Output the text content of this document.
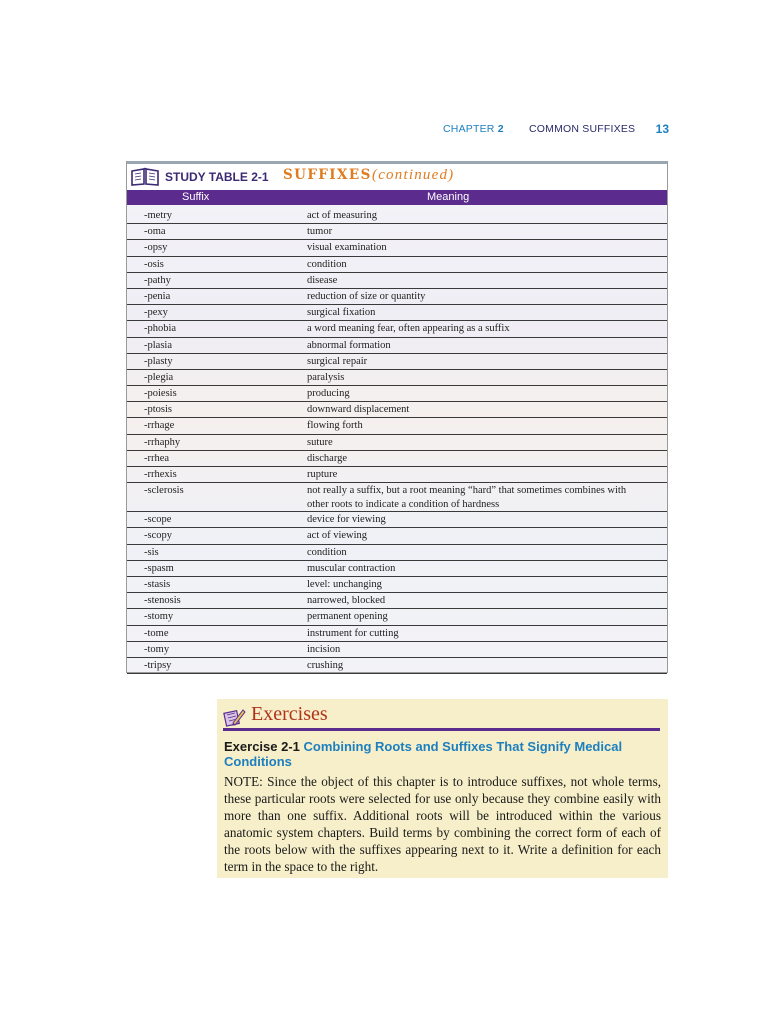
CHAPTER 2 COMMON SUFFIXES 13
STUDY TABLE 2-1 SUFFIXES (continued)
Suffix	Meaning
-metry	act of measuring
-oma	tumor
-opsy	visual examination
-osis	condition
-pathy	disease
-penia	reduction of size or quantity
-pexy	surgical fixation
-phobia	a word meaning fear, often appearing as a suffix
-plasia	abnormal formation
-plasty	surgical repair
-plegia	paralysis
-poiesis	producing
-ptosis	downward displacement
-rrhage	flowing forth
-rrhaphy	suture
-rrhea	discharge
-rrhexis	rupture
-sclerosis	not really a suffix, but a root meaning “hard” that sometimes combines with other roots to indicate a condition of hardness
-scope	device for viewing
-scopy	act of viewing
-sis	condition
-spasm	muscular contraction
-stasis	level: unchanging
-stenosis	narrowed, blocked
-stomy	permanent opening
-tome	instrument for cutting
-tomy	incision
-tripsy	crushing
Exercises
Exercise 2-1 Combining Roots and Suffixes That Signify Medical Conditions
NOTE: Since the object of this chapter is to introduce suffixes, not whole terms, these particular roots were selected for use only because they combine easily with more than one suffix. Additional roots will be introduced within the various anatomic system chapters. Build terms by combining the correct form of each of the roots below with the suffixes appearing next to it. Write a definition for each term in the space to the right.
